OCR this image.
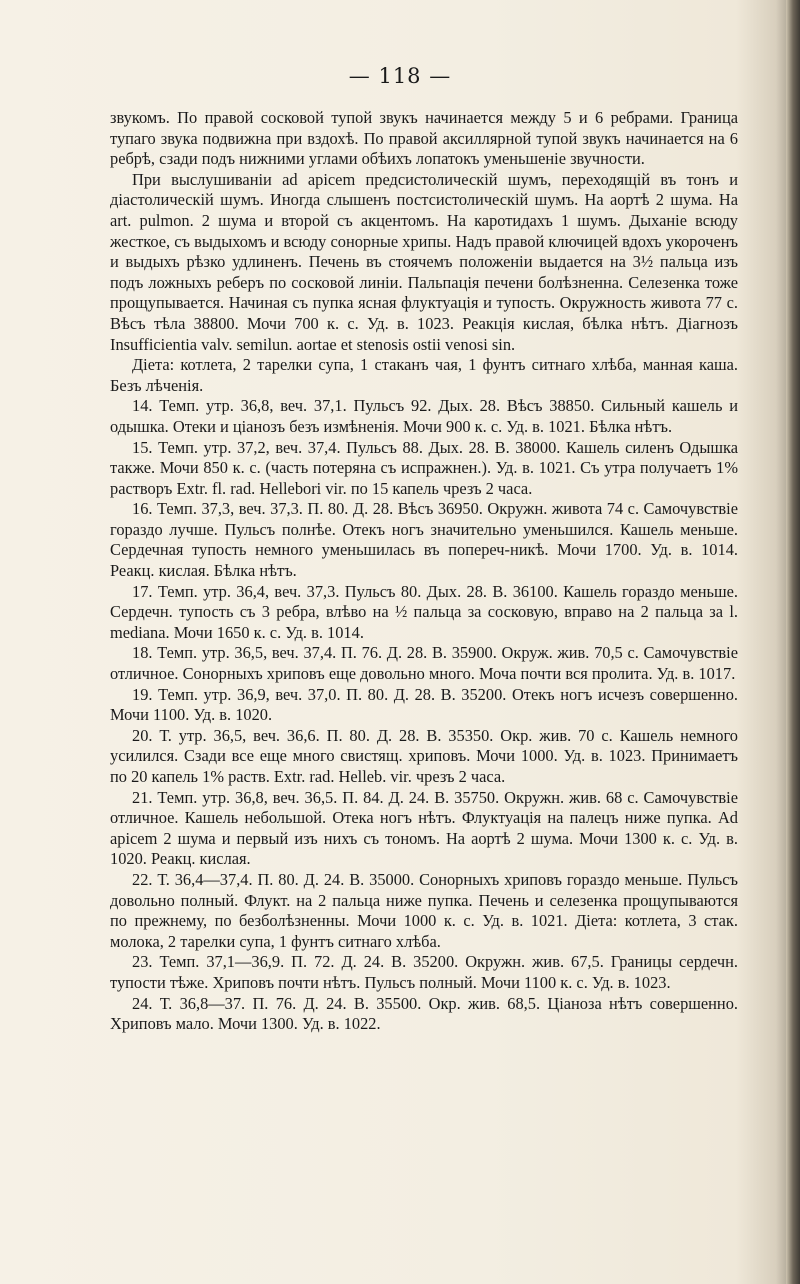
— 118 —

звукомъ. По правой сосковой тупой звукъ начинается между 5 и 6 ребрами. Граница тупаго звука подвижна при вздохѣ. По правой аксиллярной тупой звукъ начинается на 6 ребрѣ, сзади подъ нижними углами обѣихъ лопатокъ уменьшеніе звучности.

При выслушиваніи ad аpicem предсистолическій шумъ, переходящій въ тонъ и діастолическій шумъ. Иногда слышенъ постсистолическій шумъ. На аортѣ 2 шума. На art. рulmon. 2 шума и второй съ акцентомъ. На каротидахъ 1 шумъ. Дыханіе всюду жесткое, съ выдыхомъ и всюду сонорные хрипы. Надъ правой ключицей вдохъ укороченъ и выдыхъ рѣзко удлиненъ. Печень въ стоячемъ положеніи выдается на 3½ пальца изъ подъ ложныхъ реберъ по сосковой линіи. Пальпація печени болѣзненна. Селезенка тоже прощупывается. Начиная съ пупка ясная флуктуація и тупость. Окружность живота 77 с. Вѣсъ тѣла 38800. Мочи 700 к. с. Уд. в. 1023. Реакція кислая, бѣлка нѣтъ. Діагнозъ Insufficientia valv. semilun. aortae et stenosis ostii venosi sin.

Діета: котлета, 2 тарелки супа, 1 стаканъ чая, 1 фунтъ ситнаго хлѣба, манная каша. Безъ лѣченія.

14. Темп. утр. 36,8, веч. 37,1. Пульсъ 92. Дых. 28. Вѣсъ 38850. Сильный кашель и одышка. Отеки и ціанозъ безъ измѣненія. Мочи 900 к. с. Уд. в. 1021. Бѣлка нѣтъ.

15. Темп. утр. 37,2, веч. 37,4. Пульсъ 88. Дых. 28. В. 38000. Кашель силенъ Одышка также. Мочи 850 к. с. (часть потеряна съ испражнен.). Уд. в. 1021. Съ утра получаетъ 1% растворъ Extr. fl. rad. Hellebori vir. по 15 капель чрезъ 2 часа.

16. Темп. 37,3, веч. 37,3. П. 80. Д. 28. Вѣсъ 36950. Окружн. живота 74 с. Самочувствіе гораздо лучше. Пульсъ полнѣе. Отекъ ногъ значительно уменьшился. Кашель меньше. Сердечная тупость немного уменьшилась въ попереч-никѣ. Мочи 1700. Уд. в. 1014. Реакц. кислая. Бѣлка нѣтъ.

17. Темп. утр. 36,4, веч. 37,3. Пульсъ 80. Дых. 28. В. 36100. Кашель гораздо меньше. Сердечн. тупость съ 3 ребра, влѣво на ½ пальца за сосковую, вправо на 2 пальца за l. mediana. Мочи 1650 к. с. Уд. в. 1014.

18. Темп. утр. 36,5, веч. 37,4. П. 76. Д. 28. В. 35900. Окруж. жив. 70,5 с. Самочувствіе отличное. Сонорныхъ хриповъ еще довольно много. Моча почти вся пролита. Уд. в. 1017.

19. Темп. утр. 36,9, веч. 37,0. П. 80. Д. 28. В. 35200. Отекъ ногъ исчезъ совершенно. Мочи 1100. Уд. в. 1020.

20. Т. утр. 36,5, веч. 36,6. П. 80. Д. 28. В. 35350. Окр. жив. 70 с. Кашель немного усилился. Сзади все еще много свистящ. хриповъ. Мочи 1000. Уд. в. 1023. Принимаетъ по 20 капель 1% раств. Extr. rad. Helleb. vir. чрезъ 2 часа.

21. Темп. утр. 36,8, веч. 36,5. П. 84. Д. 24. В. 35750. Окружн. жив. 68 с. Самочувствіе отличное. Кашель небольшой. Отека ногъ нѣтъ. Флуктуація на палецъ ниже пупка. Ad apicem 2 шума и первый изъ нихъ съ тономъ. На аортѣ 2 шума. Мочи 1300 к. с. Уд. в. 1020. Реакц. кислая.

22. Т. 36,4—37,4. П. 80. Д. 24. В. 35000. Сонорныхъ хриповъ гораздо меньше. Пульсъ довольно полный. Флукт. на 2 пальца ниже пупка. Печень и селезенка прощупываются по прежнему, по безболѣзненны. Мочи 1000 к. с. Уд. в. 1021. Діета: котлета, 3 стак. молока, 2 тарелки супа, 1 фунтъ ситнаго хлѣба.

23. Темп. 37,1—36,9. П. 72. Д. 24. В. 35200. Окружн. жив. 67,5. Границы сердечн. тупости тѣже. Хриповъ почти нѣтъ. Пульсъ полный. Мочи 1100 к. с. Уд. в. 1023.

24. Т. 36,8—37. П. 76. Д. 24. В. 35500. Окр. жив. 68,5. Ціаноза нѣтъ совершенно. Хриповъ мало. Мочи 1300. Уд. в. 1022.
